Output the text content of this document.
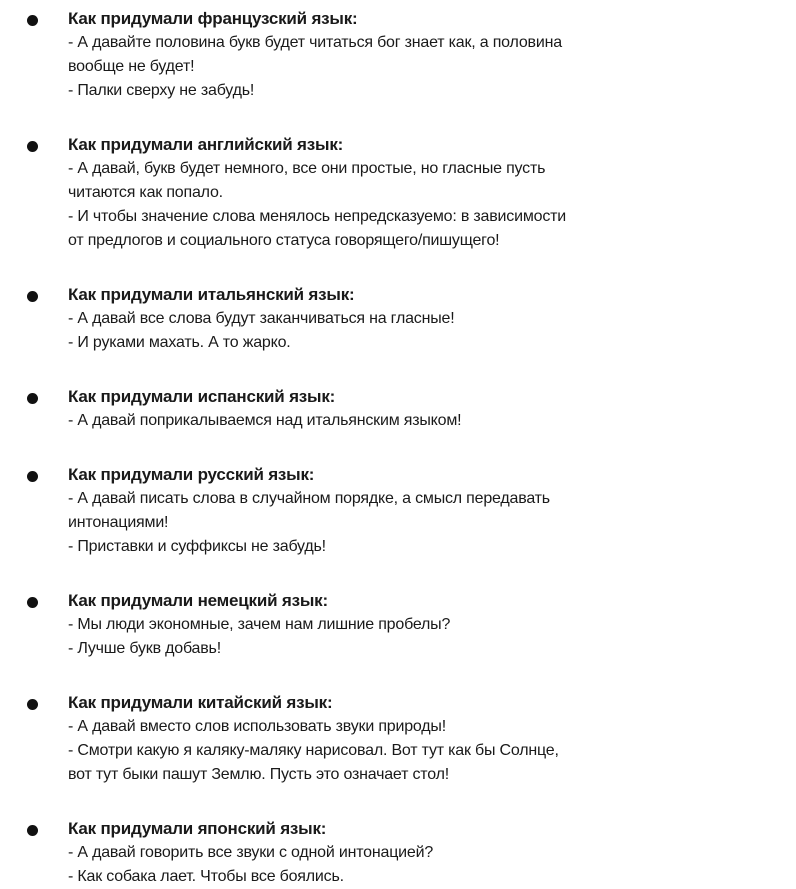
Как придумали французский язык:

- А давайте половина букв будет читаться бог знает как, а половина

вообще не будет!

- Палки сверху не забудь!

Как придумали английский язык:

- А давай, букв будет немного, все они простые, но гласные пусть

читаются как попало.

- И чтобы значение слова менялось непредсказуемо: в зависимости

от предлогов и социального статуса говорящего/пишущего!

Как придумали итальянский язык:

- А давай все слова будут заканчиваться на гласные!

- И руками махать. А то жарко.

Как придумали испанский язык:

- А давай поприкалываемся над итальянским языком!

Как придумали русский язык:

- А давай писать слова в случайном порядке, а смысл передавать

интонациями!

- Приставки и суффиксы не забудь!

Как придумали немецкий язык:

- Мы люди экономные, зачем нам лишние пробелы?

- Лучше букв добавь!

Как придумали китайский язык:

- А давай вместо слов использовать звуки природы!

- Смотри какую я каляку-маляку нарисовал. Вот тут как бы Солнце,

вот тут быки пашут Землю. Пусть это означает стол!

Как придумали японский язык:

- А давай говорить все звуки с одной интонацией?

- Как собака лает. Чтобы все боялись.
